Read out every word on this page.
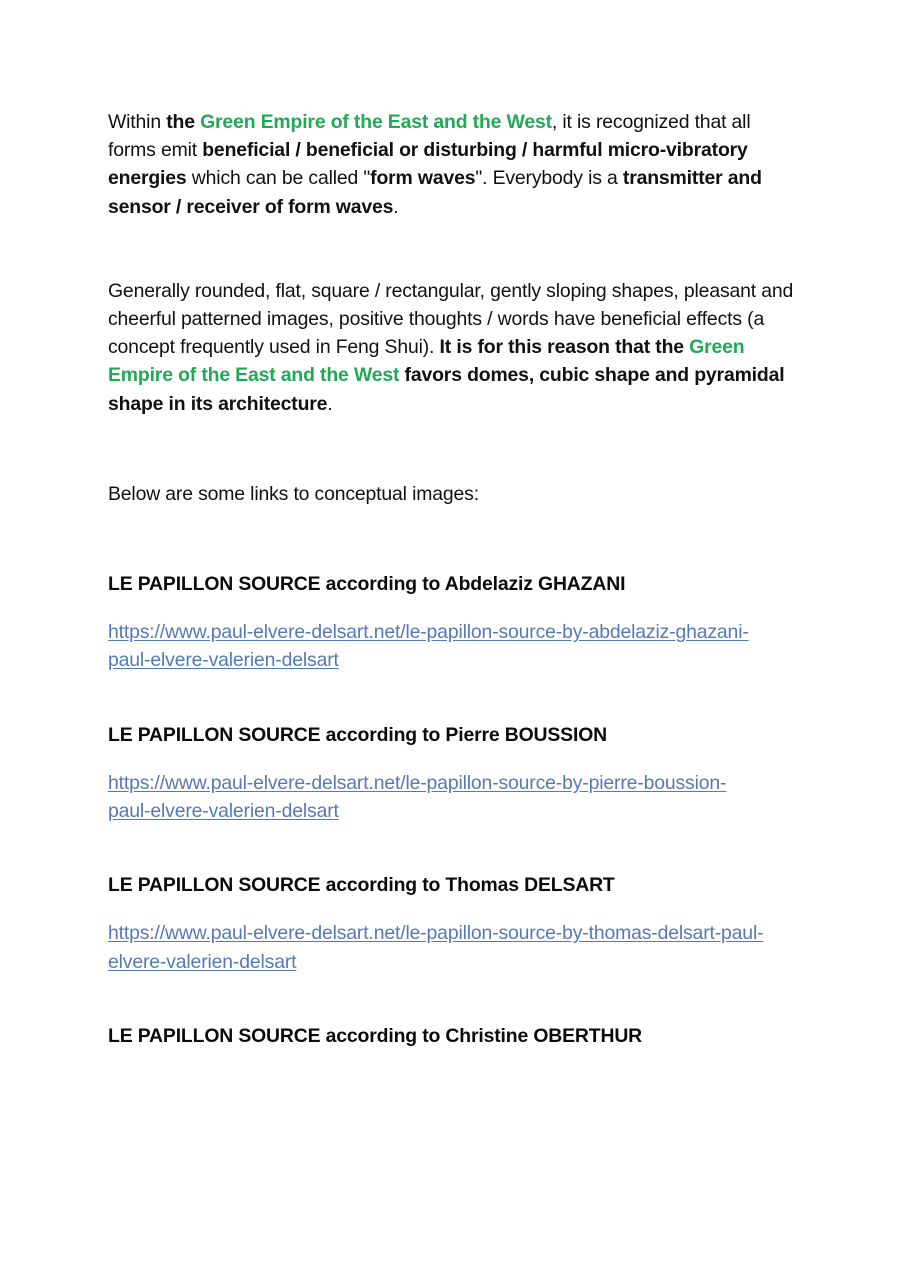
Within the Green Empire of the East and the West, it is recognized that all forms emit beneficial / beneficial or disturbing / harmful micro-vibratory energies which can be called "form waves". Everybody is a transmitter and sensor / receiver of form waves.

Generally rounded, flat, square / rectangular, gently sloping shapes, pleasant and cheerful patterned images, positive thoughts / words have beneficial effects (a concept frequently used in Feng Shui). It is for this reason that the Green Empire of the East and the West favors domes, cubic shape and pyramidal shape in its architecture.

Below are some links to conceptual images:

LE PAPILLON SOURCE according to Abdelaziz GHAZANI

https://www.paul-elvere-delsart.net/le-papillon-source-by-abdelaziz-ghazani-paul-elvere-valerien-delsart

LE PAPILLON SOURCE according to Pierre BOUSSION

https://www.paul-elvere-delsart.net/le-papillon-source-by-pierre-boussion-paul-elvere-valerien-delsart

LE PAPILLON SOURCE according to Thomas DELSART

https://www.paul-elvere-delsart.net/le-papillon-source-by-thomas-delsart-paul-elvere-valerien-delsart

LE PAPILLON SOURCE according to Christine OBERTHUR
